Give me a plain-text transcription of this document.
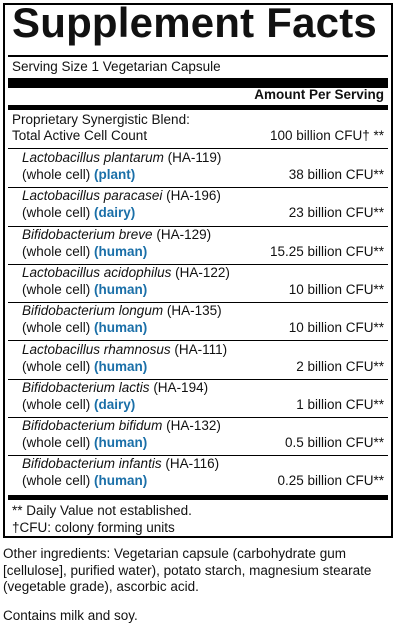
Supplement Facts
Serving Size 1 Vegetarian Capsule
Amount Per Serving
Proprietary Synergistic Blend:
Total Active Cell Count	100 billion CFU† **
Lactobacillus plantarum (HA-119)
(whole cell) (plant)	38 billion CFU**
Lactobacillus paracasei (HA-196)
(whole cell) (dairy)	23 billion CFU**
Bifidobacterium breve (HA-129)
(whole cell) (human)	15.25 billion CFU**
Lactobacillus acidophilus (HA-122)
(whole cell) (human)	10 billion CFU**
Bifidobacterium longum (HA-135)
(whole cell) (human)	10 billion CFU**
Lactobacillus rhamnosus (HA-111)
(whole cell) (human)	2 billion CFU**
Bifidobacterium lactis (HA-194)
(whole cell) (dairy)	1 billion CFU**
Bifidobacterium bifidum (HA-132)
(whole cell) (human)	0.5 billion CFU**
Bifidobacterium infantis (HA-116)
(whole cell) (human)	0.25 billion CFU**
** Daily Value not established.
†CFU: colony forming units
Other ingredients: Vegetarian capsule (carbohydrate gum [cellulose], purified water), potato starch, magnesium stearate (vegetable grade), ascorbic acid.
Contains milk and soy.
